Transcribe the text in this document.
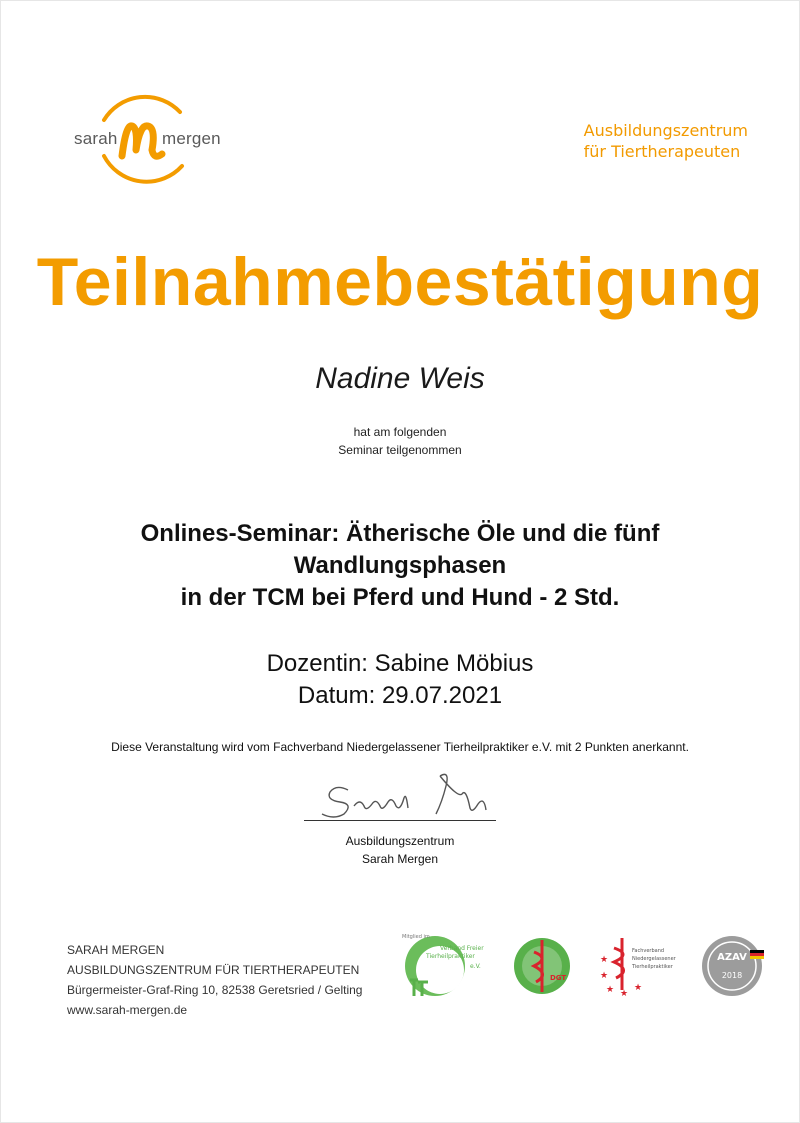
sarah	mergen	Ausbildungszentrum
für Tiertherapeuten
Teilnahmebestätigung
Nadine Weis
hat am folgenden
Seminar teilgenommen
Onlines-Seminar: Ätherische Öle und die fünf Wandlungsphasen
in der TCM bei Pferd und Hund - 2 Std.
Dozentin: Sabine Möbius
Datum: 29.07.2021
Diese Veranstaltung wird vom Fachverband Niedergelassener Tierheilpraktiker e.V. mit 2 Punkten anerkannt.
Ausbildungszentrum
Sarah Mergen
SARAH MERGEN
AUSBILDUNGSZENTRUM FÜR TIERTHERAPEUTEN
Bürgermeister-Graf-Ring 10, 82538 Geretsried / Gelting
www.sarah-mergen.de
Mitglied im
Verband Freier
Tierheilpraktiker
e.V.
DGT
★
★
★ ★
★
Fachverband
Niedergelassener
Tierheilpraktiker
AZAV
2018
